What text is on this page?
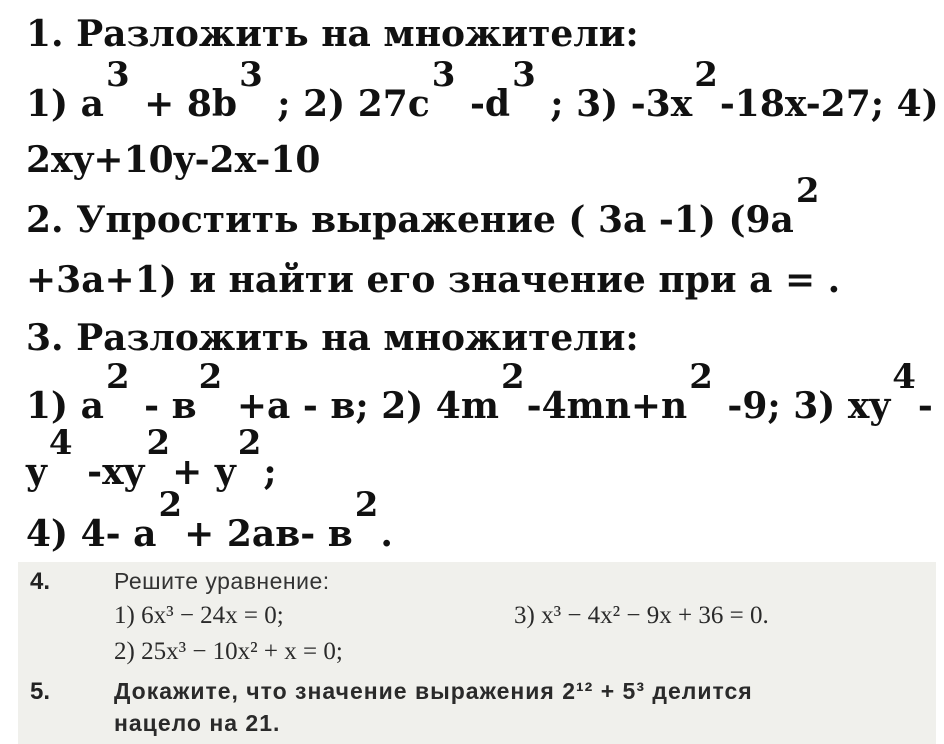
1. Разложить на множители:
1) a3 + 8b3 ; 2) 27c3 -d3 ; 3) -3x2-18x-27; 4)
2xy+10y-2x-10
2. Упростить выражение ( 3а -1) (9а2
+3а+1) и найти его значение при а = .
3. Разложить на множители:
1) а2 - в2 +а - в; 2) 4m2-4mn+n2 -9; 3) xy4-
y4 -xy2+ y2;
4) 4- а2+ 2ав- в2.
4.	Решите уравнение:
1) 6x³ − 24x = 0;	3) x³ − 4x² − 9x + 36 = 0.
2) 25x³ − 10x² + x = 0;
5.	Докажите, что значение выражения 2¹² + 5³ делится
нацело на 21.
